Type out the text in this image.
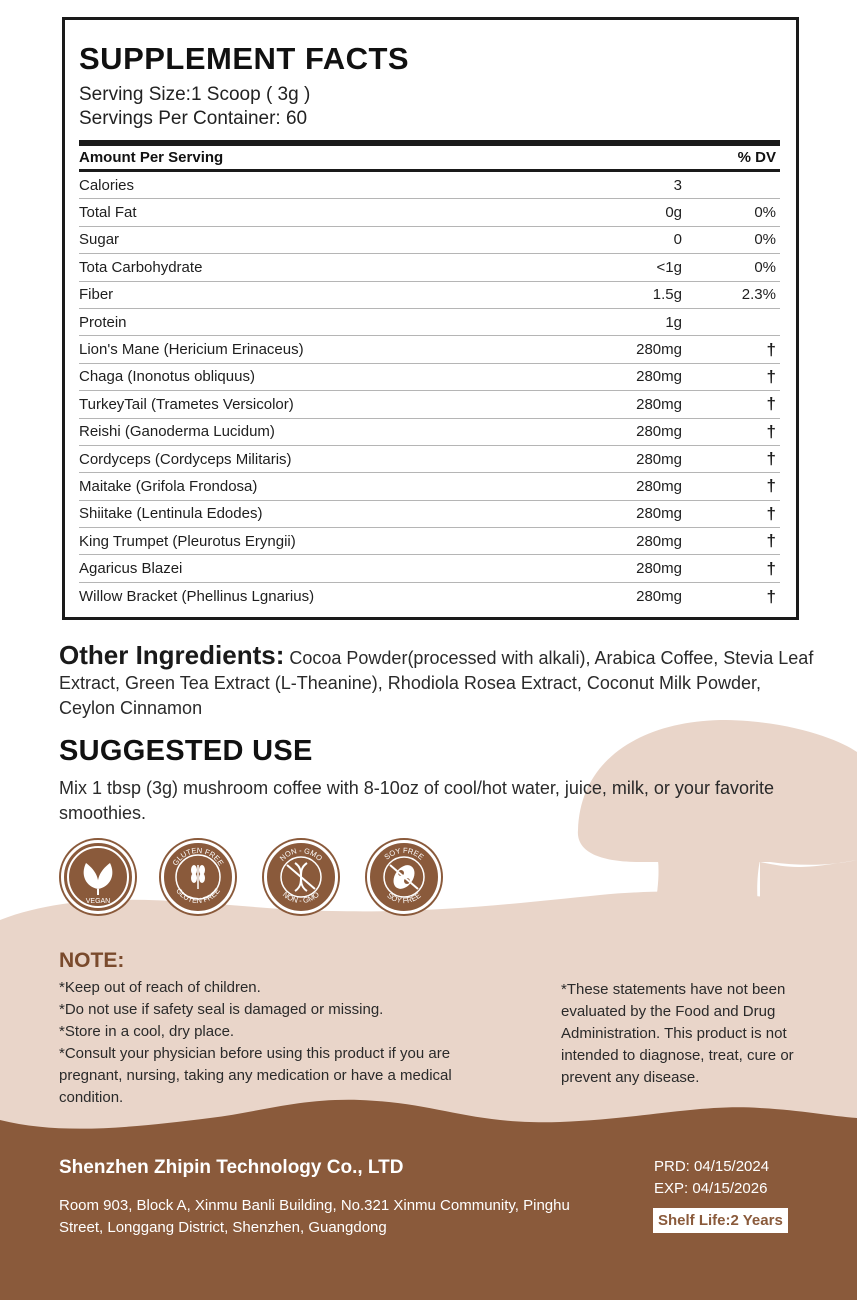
SUPPLEMENT FACTS
Serving Size:1 Scoop ( 3g )
Servings Per Container: 60
Amount Per Serving	% DV
Calories	3
Total Fat	0g	0%
Sugar	0	0%
Tota Carbohydrate	<1g	0%
Fiber	1.5g	2.3%
Protein	1g
Lion's Mane (Hericium Erinaceus)	280mg	†
Chaga (Inonotus obliquus)	280mg	†
TurkeyTail (Trametes Versicolor)	280mg	†
Reishi (Ganoderma Lucidum)	280mg	†
Cordyceps (Cordyceps Militaris)	280mg	†
Maitake (Grifola Frondosa)	280mg	†
Shiitake (Lentinula Edodes)	280mg	†
King Trumpet (Pleurotus Eryngii)	280mg	†
Agaricus Blazei	280mg	†
Willow Bracket (Phellinus Lgnarius)	280mg	†
Other Ingredients: Cocoa Powder(processed with alkali), Arabica Coffee, Stevia Leaf Extract, Green Tea Extract (L-Theanine), Rhodiola Rosea Extract, Coconut Milk Powder, Ceylon Cinnamon
SUGGESTED USE
Mix 1 tbsp (3g) mushroom coffee with 8-10oz of cool/hot water, juice, milk, or your favorite smoothies.
VEGAN
GLUTEN FREE
GLUTEN FREE
NON - GMO
NON - GMO
SOY FREE
SOY FREE
NOTE:
*Keep out of reach of children.
*Do not use if safety seal is damaged or missing.
*Store in a cool, dry place.
*Consult your physician before using this product if you are pregnant, nursing, taking any medication or have a medical condition.
*These statements have not been evaluated by the Food and Drug Administration. This product is not intended to diagnose, treat, cure or prevent any disease.
Shenzhen Zhipin Technology Co., LTD
Room 903, Block A, Xinmu Banli Building, No.321 Xinmu Community, Pinghu Street, Longgang District, Shenzhen, Guangdong
PRD: 04/15/2024
EXP: 04/15/2026
Shelf Life:2 Years
